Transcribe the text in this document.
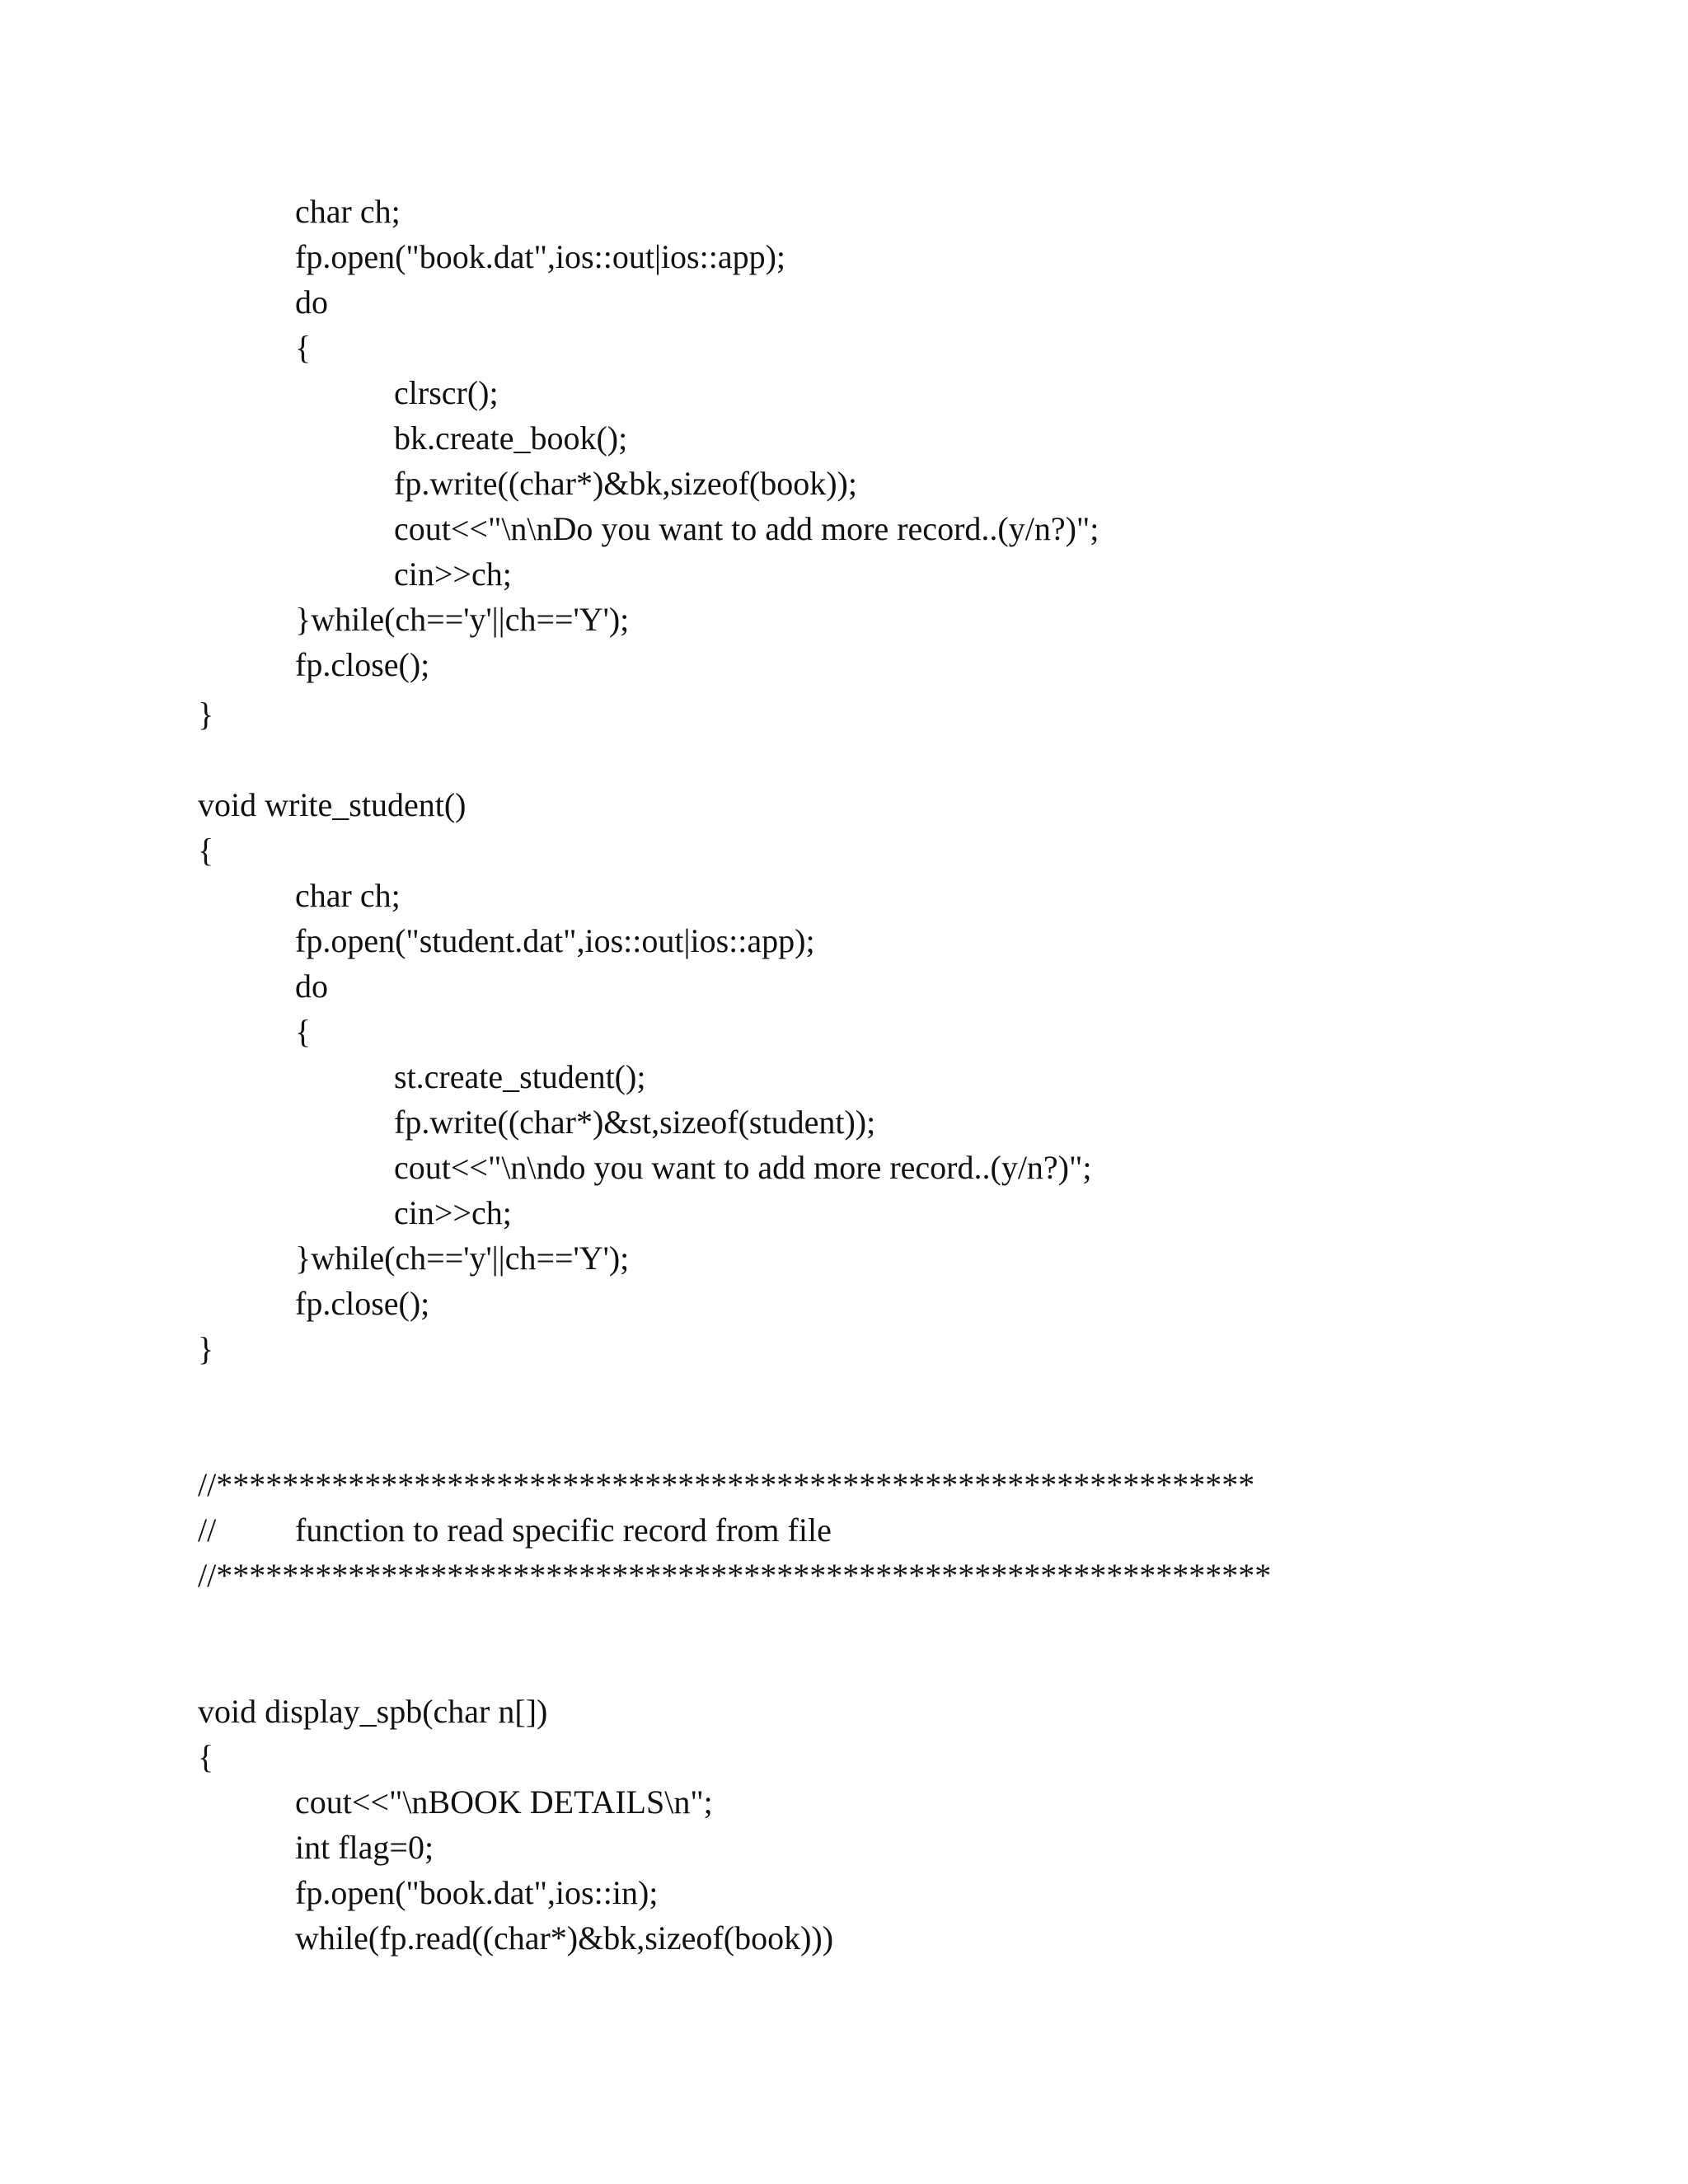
char ch;

fp.open("book.dat",ios::out|ios::app);

do

{

clrscr();

bk.create_book();

fp.write((char*)&bk,sizeof(book));

cout<<"\n\nDo you want to add more record..(y/n?)";

cin>>ch;

}while(ch=='y'||ch=='Y');

fp.close();

}

void write_student()

{

char ch;

fp.open("student.dat",ios::out|ios::app);

do

{

st.create_student();

fp.write((char*)&st,sizeof(student));

cout<<"\n\ndo you want to add more record..(y/n?)";

cin>>ch;

}while(ch=='y'||ch=='Y');

fp.close();

}

//***************************************************************

// function to read specific record from file

//****************************************************************

void display_spb(char n[])

{

cout<<"\nBOOK DETAILS\n";

int flag=0;

fp.open("book.dat",ios::in);

while(fp.read((char*)&bk,sizeof(book)))
